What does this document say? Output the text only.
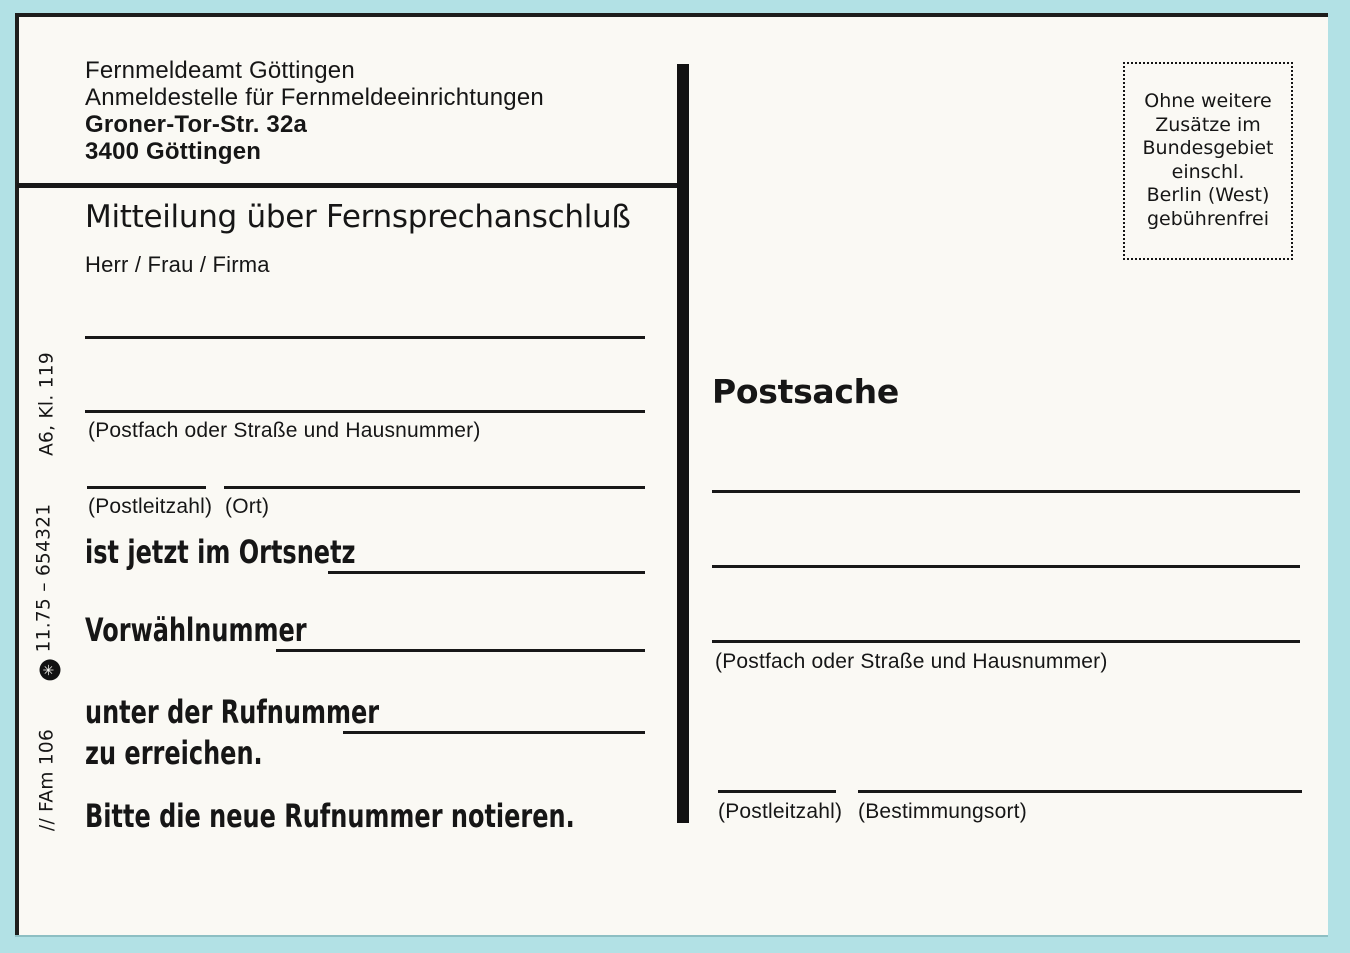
Fernmeldeamt Göttingen
Anmeldestelle für Fernmeldeeinrichtungen
Groner-Tor-Str. 32a
3400 Göttingen
Mitteilung über Fernsprechanschluß
Herr / Frau / Firma
(Postfach oder Straße und Hausnummer)
(Postleitzahl) (Ort)
ist jetzt im Ortsnetz
Vorwählnummer
unter der Rufnummer
zu erreichen.
Bitte die neue Rufnummer notieren.
Postsache
(Postfach oder Straße und Hausnummer)
(Postleitzahl) (Bestimmungsort)
Ohne weitere
Zusätze im
Bundesgebiet
einschl.
Berlin (West)
gebührenfrei
A6, Kl. 119
✳11.75 – 654321
// FAm 106
